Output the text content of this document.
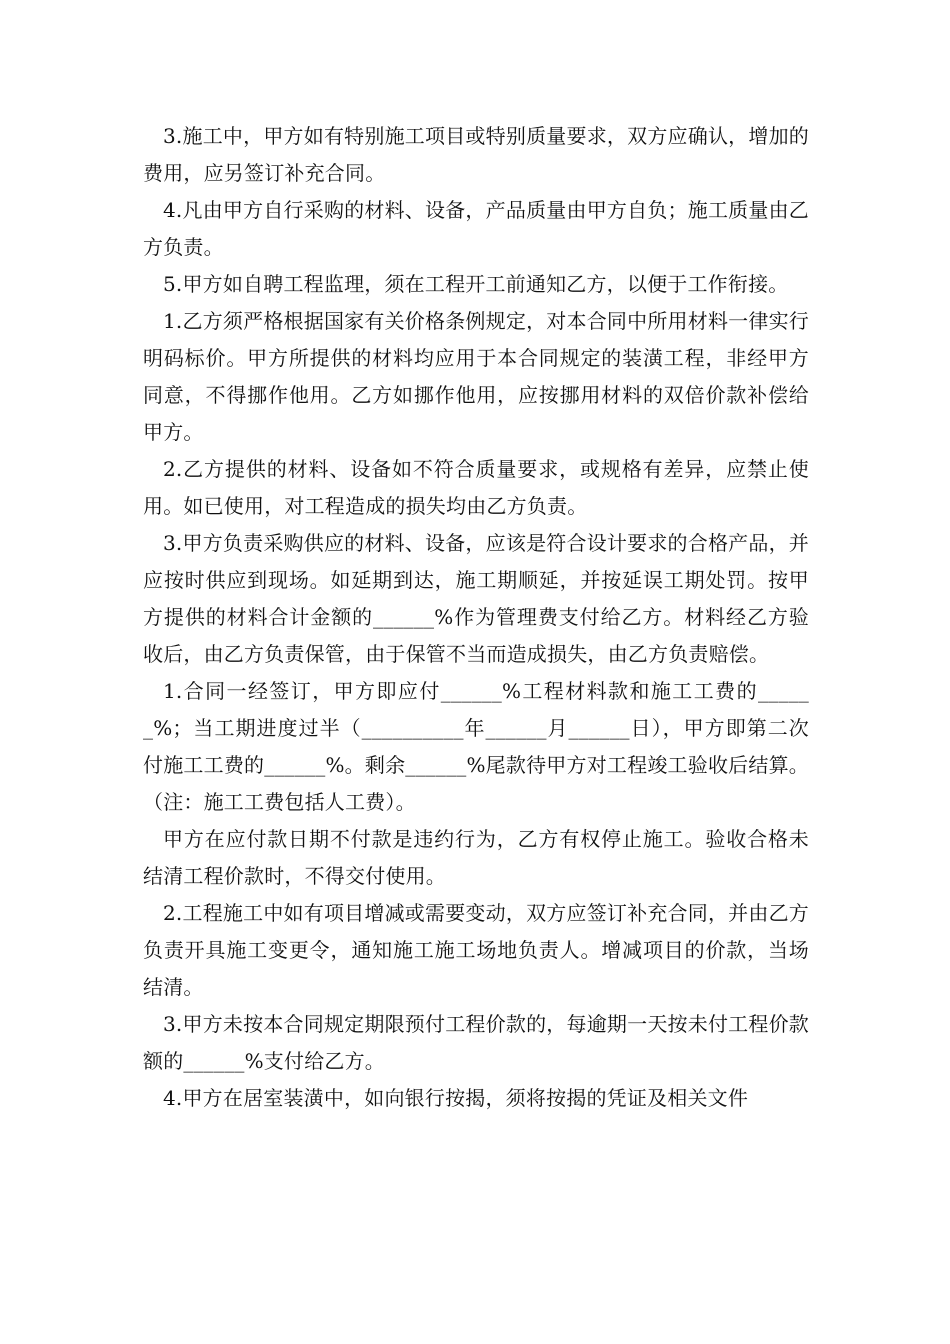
3.施工中，甲方如有特别施工项目或特别质量要求，双方应确认，增加的费用，应另签订补充合同。

4.凡由甲方自行采购的材料、设备，产品质量由甲方自负；施工质量由乙方负责。

5.甲方如自聘工程监理，须在工程开工前通知乙方，以便于工作衔接。

1.乙方须严格根据国家有关价格条例规定，对本合同中所用材料一律实行明码标价。甲方所提供的材料均应用于本合同规定的装潢工程，非经甲方同意，不得挪作他用。乙方如挪作他用，应按挪用材料的双倍价款补偿给甲方。

2.乙方提供的材料、设备如不符合质量要求，或规格有差异，应禁止使用。如已使用，对工程造成的损失均由乙方负责。

3.甲方负责采购供应的材料、设备，应该是符合设计要求的合格产品，并应按时供应到现场。如延期到达，施工期顺延，并按延误工期处罚。按甲方提供的材料合计金额的______%作为管理费支付给乙方。材料经乙方验收后，由乙方负责保管，由于保管不当而造成损失，由乙方负责赔偿。

1.合同一经签订，甲方即应付______%工程材料款和施工工费的______%；当工期进度过半（__________年______月______日），甲方即第二次付施工工费的______%。剩余______%尾款待甲方对工程竣工验收后结算。（注：施工工费包括人工费）。

甲方在应付款日期不付款是违约行为，乙方有权停止施工。验收合格未结清工程价款时，不得交付使用。

2.工程施工中如有项目增减或需要变动，双方应签订补充合同，并由乙方负责开具施工变更令，通知施工施工场地负责人。增减项目的价款，当场结清。

3.甲方未按本合同规定期限预付工程价款的，每逾期一天按未付工程价款额的______%支付给乙方。

4.甲方在居室装潢中，如向银行按揭，须将按揭的凭证及相关文件
